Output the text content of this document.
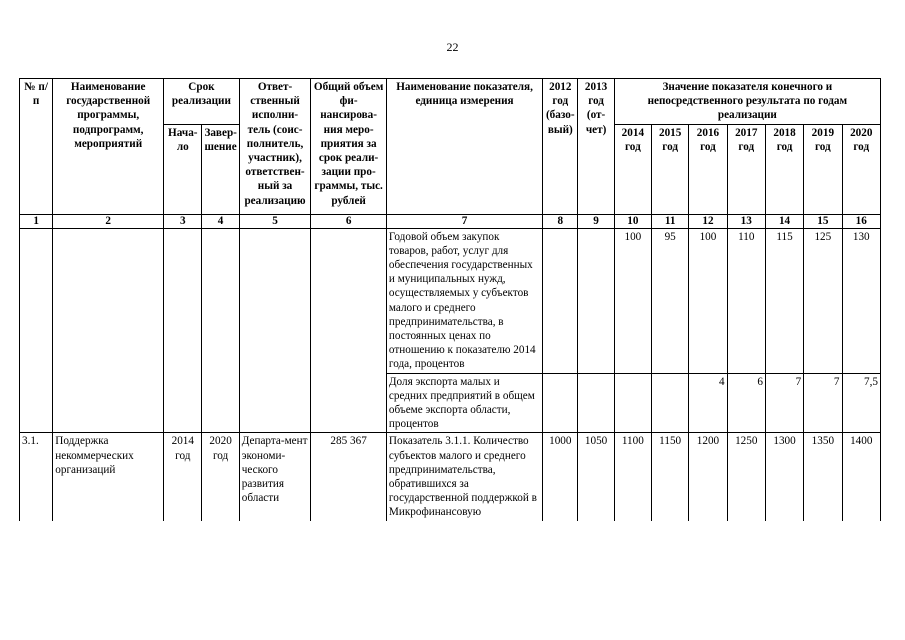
22
№ п/п	Наименование государственной программы, подпрограмм, мероприятий	Срок реализации		Ответ-ственный исполни-тель (соис-полнитель, участник), ответствен-ный за реализацию	Общий объем фи-нансирова-ния меро-приятия за срок реали-зации про-граммы, тыс. рублей	Наименование показателя, единица измерения	2012 год (базо-вый)	2013 год (от-чет)	Значение показателя конечного и непосредственного результата по годам реализации						
		Нача-ло	Завер-шение						2014 год	2015 год	2016 год	2017 год	2018 год	2019 год	2020 год

1	2	3	4	5	6	7	8	9	10	11	12	13	14	15	16
						Годовой объем закупок товаров, работ, услуг для обеспечения государственных и муниципальных нужд, осуществляемых у субъектов малого и среднего предпринимательства, в постоянных ценах по отношению к показателю 2014 года, процентов			100	95	100	110	115	125	130
						Доля экспорта малых и средних предприятий в общем объеме экспорта области, процентов					4	6	7	7	7,5
3.1.	Поддержка некоммерческих организаций	2014 год	2020 год	Департа-мент экономи-ческого развития области	285 367	Показатель 3.1.1. Количество субъектов малого и среднего предпринимательства, обратившихся за государственной поддержкой в Микрофинансовую	1000	1050	1100	1150	1200	1250	1300	1350	1400
